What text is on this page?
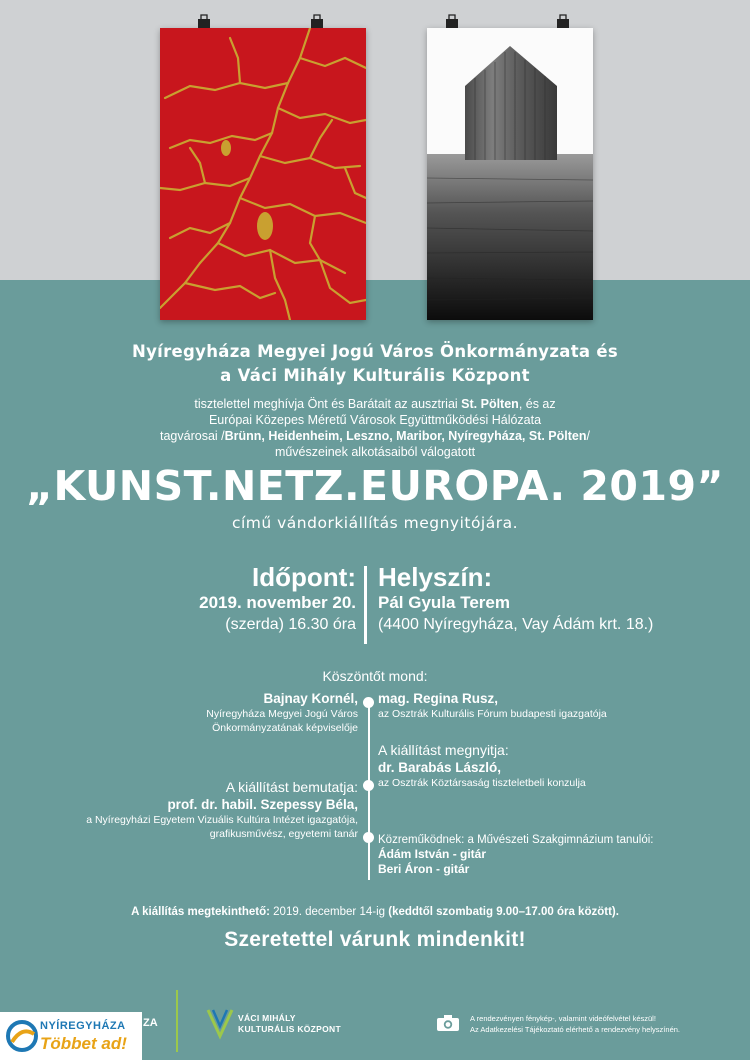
Nyíregyháza Megyei Jogú Város Önkormányzata és
a Váci Mihály Kulturális Központ
tisztelettel meghívja Önt és Barátait az ausztriai St. Pölten, és az
Európai Közepes Méretű Városok Együttműködési Hálózata
tagvárosai /Brünn, Heidenheim, Leszno, Maribor, Nyíregyháza, St. Pölten/
művészeinek alkotásaiból válogatott
„KUNST.NETZ.EUROPA. 2019”
című vándorkiállítás megnyitójára.
Időpont:
2019. november 20.
(szerda) 16.30 óra
Helyszín:
Pál Gyula Terem
(4400 Nyíregyháza, Vay Ádám krt. 18.)
Köszöntőt mond:
Bajnay Kornél,
Nyíregyháza Megyei Jogú Város
Önkormányzatának képviselője
mag. Regina Rusz,
az Osztrák Kulturális Fórum budapesti igazgatója
A kiállítást megnyitja:
dr. Barabás László,
az Osztrák Köztársaság tiszteletbeli konzulja
A kiállítást bemutatja:
prof. dr. habil. Szepessy Béla,
a Nyíregyházi Egyetem Vizuális Kultúra Intézet igazgatója,
grafikusművész, egyetemi tanár Közreműködnek: a Művészeti Szakgimnázium tanulói:
Ádám István - gitár
Beri Áron - gitár
A kiállítás megtekinthető: 2019. december 14-ig (keddtől szombatig 9.00–17.00 óra között).
Szeretettel várunk mindenkit!
NYÍREGYHÁZA
Többet ad!
ZA	VÁCI MIHÁLY
KULTURÁLIS KÖZPONT
A rendezvényen fénykép-, valamint videófelvétel készül!
Az Adatkezelési Tájékoztató elérhető a rendezvény helyszínén.
